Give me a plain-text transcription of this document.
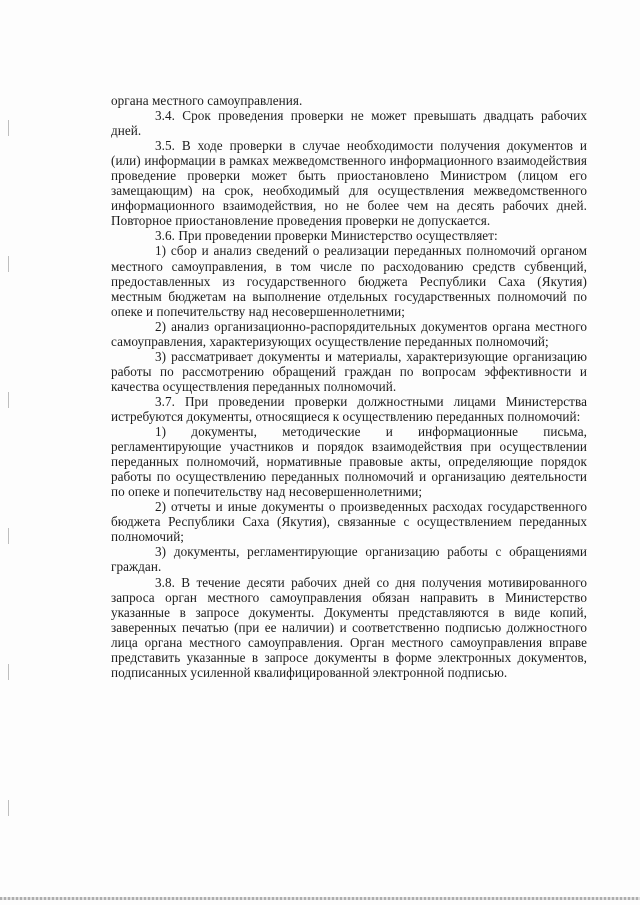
органа местного самоуправления.

3.4. Срок проведения проверки не может превышать двадцать рабочих дней.

3.5. В ходе проверки в случае необходимости получения документов и (или) информации в рамках межведомственного информационного взаимодействия проведение проверки может быть приостановлено Министром (лицом его замещающим) на срок, необходимый для осуществления межведомственного информационного взаимодействия, но не более чем на десять рабочих дней. Повторное приостановление проведения проверки не допускается.

3.6. При проведении проверки Министерство осуществляет:

1) сбор и анализ сведений о реализации переданных полномочий органом местного самоуправления, в том числе по расходованию средств субвенций, предоставленных из государственного бюджета Республики Саха (Якутия) местным бюджетам на выполнение отдельных государственных полномочий по опеке и попечительству над несовершеннолетними;

2) анализ организационно-распорядительных документов органа местного самоуправления, характеризующих осуществление переданных полномочий;

3) рассматривает документы и материалы, характеризующие организацию работы по рассмотрению обращений граждан по вопросам эффективности и качества осуществления переданных полномочий.

3.7. При проведении проверки должностными лицами Министерства истребуются документы, относящиеся к осуществлению переданных полномочий:

1) документы, методические и информационные письма, регламентирующие участников и порядок взаимодействия при осуществлении переданных полномочий, нормативные правовые акты, определяющие порядок работы по осуществлению переданных полномочий и организацию деятельности по опеке и попечительству над несовершеннолетними;

2) отчеты и иные документы о произведенных расходах государственного бюджета Республики Саха (Якутия), связанные с осуществлением переданных полномочий;

3) документы, регламентирующие организацию работы с обращениями граждан.

3.8. В течение десяти рабочих дней со дня получения мотивированного запроса орган местного самоуправления обязан направить в Министерство указанные в запросе документы. Документы представляются в виде копий, заверенных печатью (при ее наличии) и соответственно подписью должностного лица органа местного самоуправления. Орган местного самоуправления вправе представить указанные в запросе документы в форме электронных документов, подписанных усиленной квалифицированной электронной подписью.
